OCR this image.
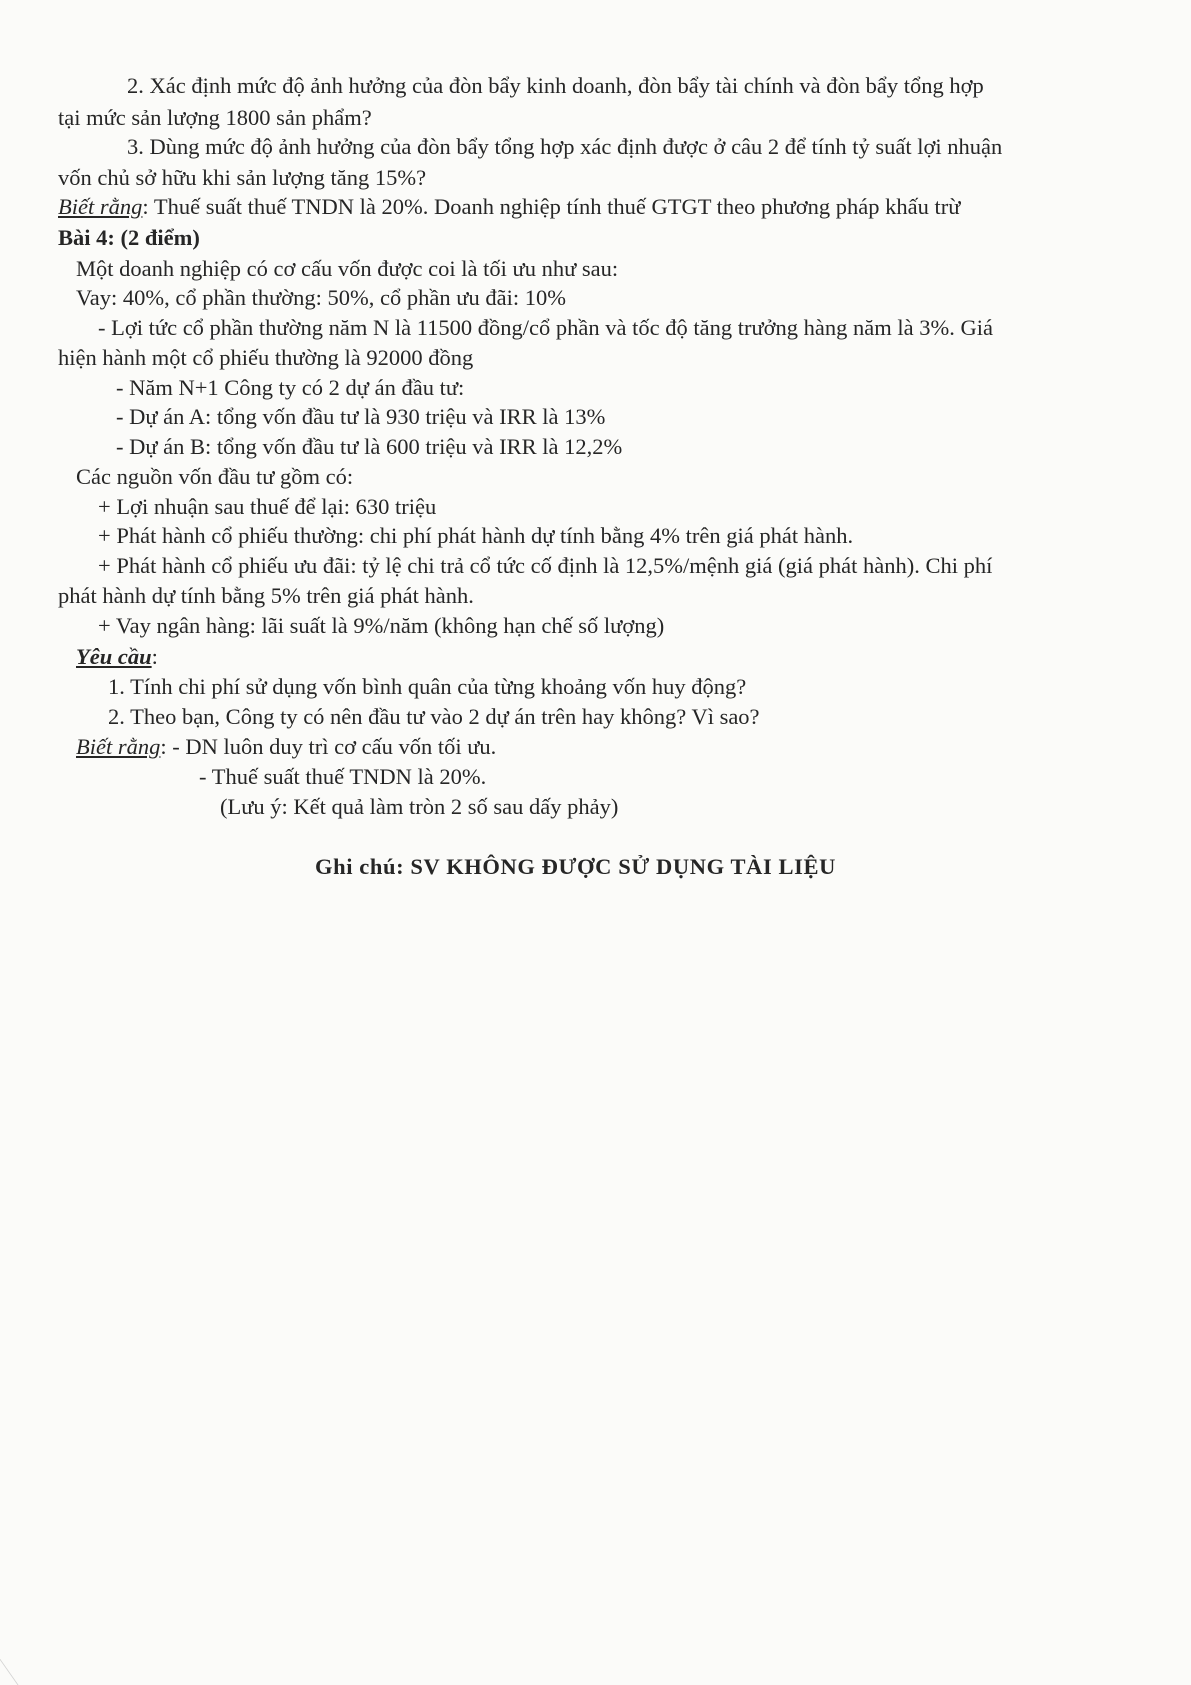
2. Xác định mức độ ảnh hưởng của đòn bẩy kinh doanh, đòn bẩy tài chính và đòn bẩy tổng hợp
tại mức sản lượng 1800 sản phẩm?
3. Dùng mức độ ảnh hưởng của đòn bẩy tổng hợp xác định được ở câu 2 để tính tỷ suất lợi nhuận
vốn chủ sở hữu khi sản lượng tăng 15%?
Biết rằng: Thuế suất thuế TNDN là 20%. Doanh nghiệp tính thuế GTGT theo phương pháp khấu trừ
Bài 4: (2 điểm)
Một doanh nghiệp có cơ cấu vốn được coi là tối ưu như sau:
Vay: 40%, cổ phần thường: 50%, cổ phần ưu đãi: 10%
- Lợi tức cổ phần thường năm N là 11500 đồng/cổ phần và tốc độ tăng trưởng hàng năm là 3%. Giá
hiện hành một cổ phiếu thường là 92000 đồng
- Năm N+1 Công ty có 2 dự án đầu tư:
- Dự án A: tổng vốn đầu tư là 930 triệu và IRR là 13%
- Dự án B: tổng vốn đầu tư là 600 triệu và IRR là 12,2%
Các nguồn vốn đầu tư gồm có:
+ Lợi nhuận sau thuế để lại: 630 triệu
+ Phát hành cổ phiếu thường: chi phí phát hành dự tính bằng 4% trên giá phát hành.
+ Phát hành cổ phiếu ưu đãi: tỷ lệ chi trả cổ tức cố định là 12,5%/mệnh giá (giá phát hành). Chi phí
phát hành dự tính bằng 5% trên giá phát hành.
+ Vay ngân hàng: lãi suất là 9%/năm (không hạn chế số lượng)
Yêu cầu:
1. Tính chi phí sử dụng vốn bình quân của từng khoảng vốn huy động?
2. Theo bạn, Công ty có nên đầu tư vào 2 dự án trên hay không? Vì sao?
Biết rằng: - DN luôn duy trì cơ cấu vốn tối ưu.
- Thuế suất thuế TNDN là 20%.
(Lưu ý: Kết quả làm tròn 2 số sau dấy phảy)
Ghi chú: SV KHÔNG ĐƯỢC SỬ DỤNG TÀI LIỆU
